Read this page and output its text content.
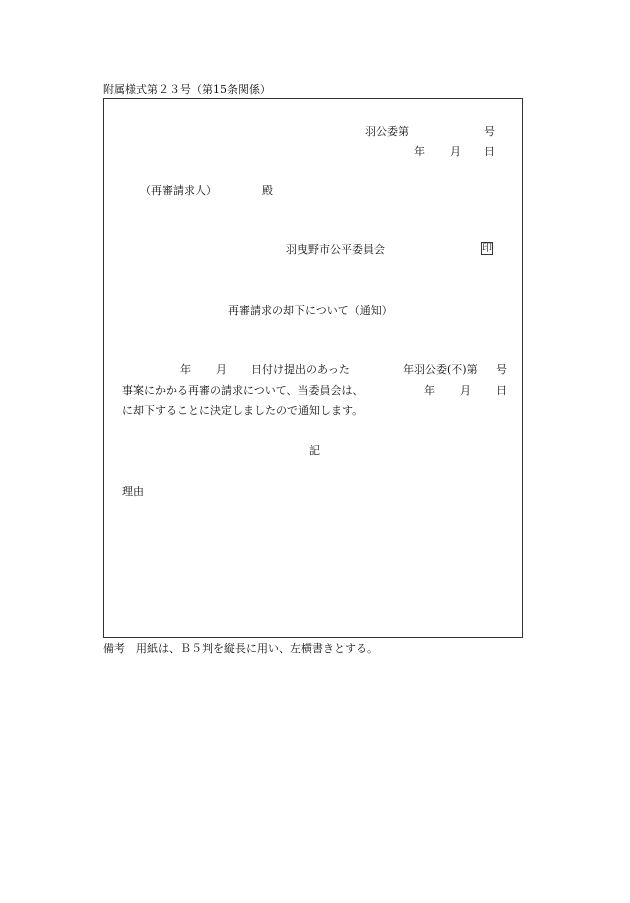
附属様式第２３号（第15条関係）
羽公委第	号
年 月 日
（再審請求人）	殿
羽曳野市公平委員会	印
再審請求の却下について（通知）
年 月 日付け提出のあった	年羽公委(不)第 号
事案にかかる再審の請求について、当委員会は、	年 月 日
に却下することに決定しましたので通知します。
記
理由
備考　用紙は、Ｂ５判を縦長に用い、左横書きとする。
